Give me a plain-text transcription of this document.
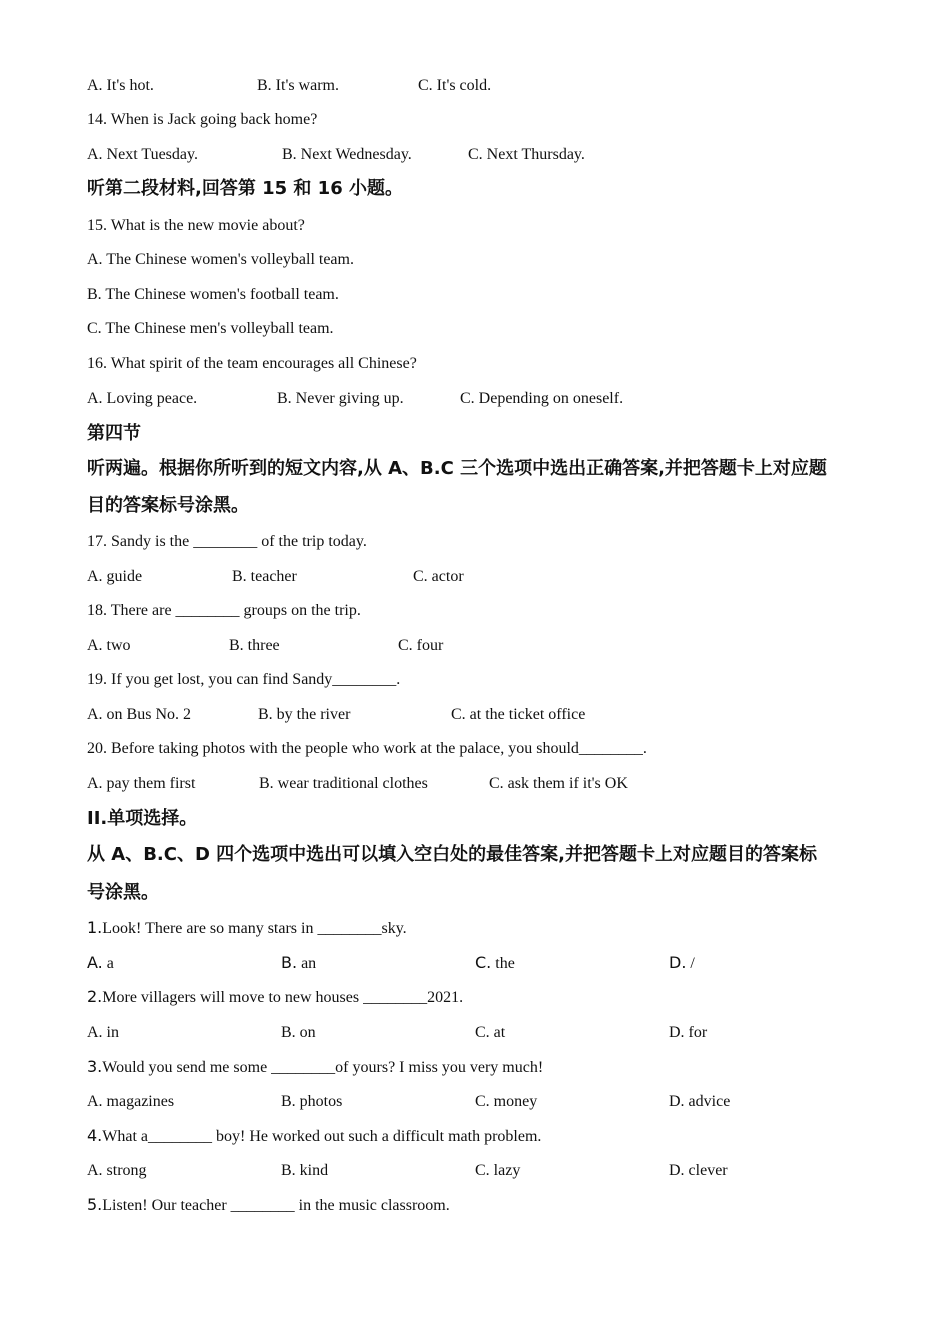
A. It's hot.	B. It's warm.	C. It's cold.
14. When is Jack going back home?
A. Next Tuesday.	B. Next Wednesday.	C. Next Thursday.
听第二段材料,回答第 15 和 16 小题。
15. What is the new movie about?
A. The Chinese women's volleyball team.
B. The Chinese women's football team.
C. The Chinese men's volleyball team.
16. What spirit of the team encourages all Chinese?
A. Loving peace.	B. Never giving up.	C. Depending on oneself.
第四节
听两遍。根据你所听到的短文内容,从 A、B.C 三个选项中选出正确答案,并把答题卡上对应题
目的答案标号涂黑。
17. Sandy is the ________ of the trip today.
A. guide	B. teacher	C. actor
18. There are ________ groups on the trip.
A. two	B. three	C. four
19. If you get lost, you can find Sandy________.
A. on Bus No. 2	B. by the river	C. at the ticket office
20. Before taking photos with the people who work at the palace, you should________.
A. pay them first	B. wear traditional clothes	C. ask them if it's OK
II.单项选择。
从 A、B.C、D 四个选项中选出可以填入空白处的最佳答案,并把答题卡上对应题目的答案标
号涂黑。
1.Look! There are so many stars in ________sky.
A. a	B. an	C. the	D. /
2.More villagers will move to new houses ________2021.
A. in	B. on	C. at	D. for
3.Would you send me some ________of yours? I miss you very much!
A. magazines	B. photos	C. money	D. advice
4.What a________ boy! He worked out such a difficult math problem.
A. strong	B. kind	C. lazy	D. clever
5.Listen! Our teacher ________ in the music classroom.
